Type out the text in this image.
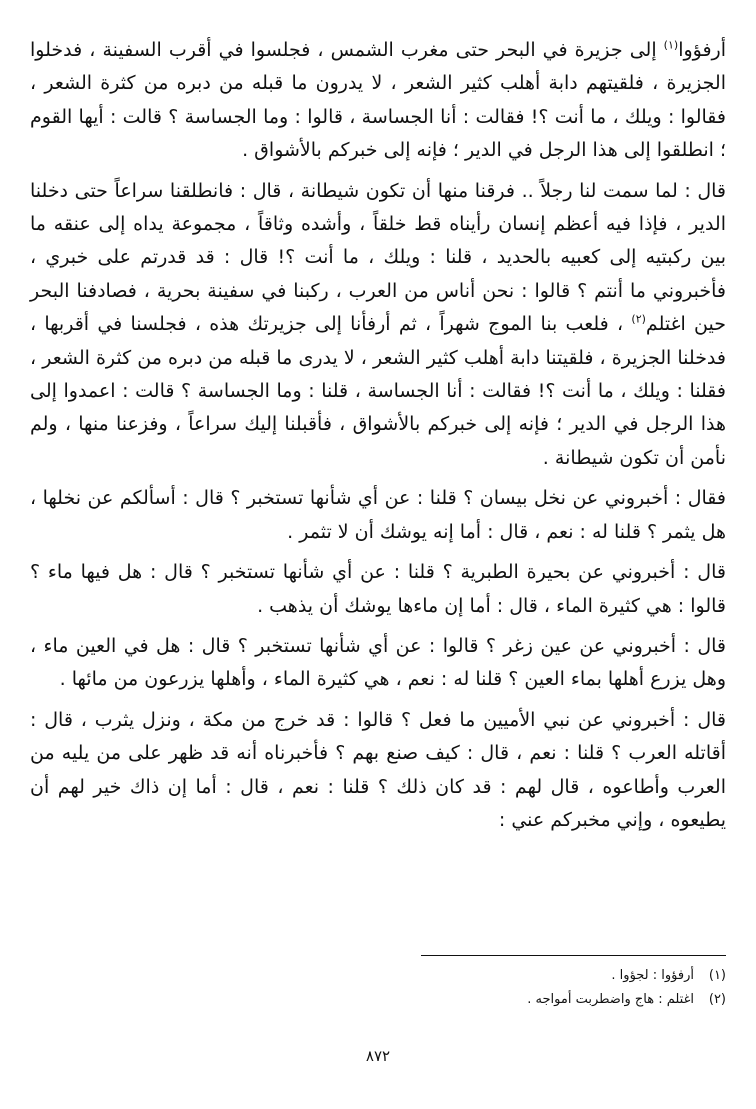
أرفؤوا$^{(١)}$ إلى جزيرة في البحر حتى مغرب الشمس ، فجلسوا في أقرب السفينة ، فدخلوا الجزيرة ، فلقيتهم دابة أهلب كثير الشعر ، لا يدرون ما قبله من دبره من كثرة الشعر ، فقالوا : ويلك ، ما أنت ؟! فقالت : أنا الجساسة ، قالوا : وما الجساسة ؟ قالت : أيها القوم ؛ انطلقوا إلى هذا الرجل في الدير ؛ فإنه إلى خبركم بالأشواق .

قال : لما سمت لنا رجلاً .. فرقنا منها أن تكون شيطانة ، قال : فانطلقنا سراعاً حتى دخلنا الدير ، فإذا فيه أعظم إنسان رأيناه قط خلقاً ، وأشده وثاقاً ، مجموعة يداه إلى عنقه ما بين ركبتيه إلى كعبيه بالحديد ، قلنا : ويلك ، ما أنت ؟! قال : قد قدرتم على خبري ، فأخبروني ما أنتم ؟ قالوا : نحن أناس من العرب ، ركبنا في سفينة بحرية ، فصادفنا البحر حين اغتلم$^{(٢)}$ ، فلعب بنا الموج شهراً ، ثم أرفأنا إلى جزيرتك هذه ، فجلسنا في أقربها ، فدخلنا الجزيرة ، فلقيتنا دابة أهلب كثير الشعر ، لا يدرى ما قبله من دبره من كثرة الشعر ، فقلنا : ويلك ، ما أنت ؟! فقالت : أنا الجساسة ، قلنا : وما الجساسة ؟ قالت : اعمدوا إلى هذا الرجل في الدير ؛ فإنه إلى خبركم بالأشواق ، فأقبلنا إليك سراعاً ، وفزعنا منها ، ولم نأمن أن تكون شيطانة .

فقال : أخبروني عن نخل بيسان ؟ قلنا : عن أي شأنها تستخبر ؟ قال : أسألكم عن نخلها ، هل يثمر ؟ قلنا له : نعم ، قال : أما إنه يوشك أن لا تثمر .

قال : أخبروني عن بحيرة الطبرية ؟ قلنا : عن أي شأنها تستخبر ؟ قال : هل فيها ماء ؟ قالوا : هي كثيرة الماء ، قال : أما إن ماءها يوشك أن يذهب .

قال : أخبروني عن عين زغر ؟ قالوا : عن أي شأنها تستخبر ؟ قال : هل في العين ماء ، وهل يزرع أهلها بماء العين ؟ قلنا له : نعم ، هي كثيرة الماء ، وأهلها يزرعون من مائها .

قال : أخبروني عن نبي الأميين ما فعل ؟ قالوا : قد خرج من مكة ، ونزل يثرب ، قال : أقاتله العرب ؟ قلنا : نعم ، قال : كيف صنع بهم ؟ فأخبرناه أنه قد ظهر على من يليه من العرب وأطاعوه ، قال لهم : قد كان ذلك ؟ قلنا : نعم ، قال : أما إن ذاك خير لهم أن يطيعوه ، وإني مخبركم عني :

(١)أرفؤوا : لجؤوا .
(٢)اغتلم : هاج واضطربت أمواجه .
٨٧٢
